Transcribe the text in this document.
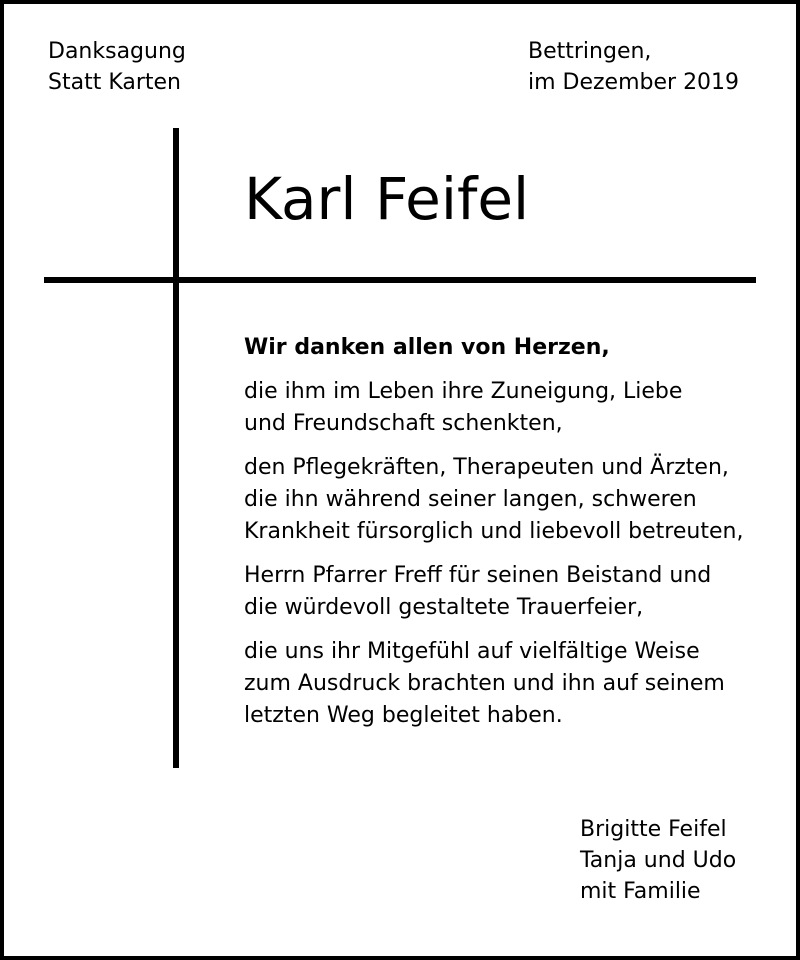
Danksagung
Statt Karten
Bettringen,
im Dezember 2019
Karl Feifel
Wir danken allen von Herzen,
die ihm im Leben ihre Zuneigung, Liebe
und Freundschaft schenkten,
den Pflegekräften, Therapeuten und Ärzten,
die ihn während seiner langen, schweren
Krankheit fürsorglich und liebevoll betreuten,
Herrn Pfarrer Freff für seinen Beistand und
die würdevoll gestaltete Trauerfeier,
die uns ihr Mitgefühl auf vielfältige Weise
zum Ausdruck brachten und ihn auf seinem
letzten Weg begleitet haben.
Brigitte Feifel
Tanja und Udo
mit Familie
